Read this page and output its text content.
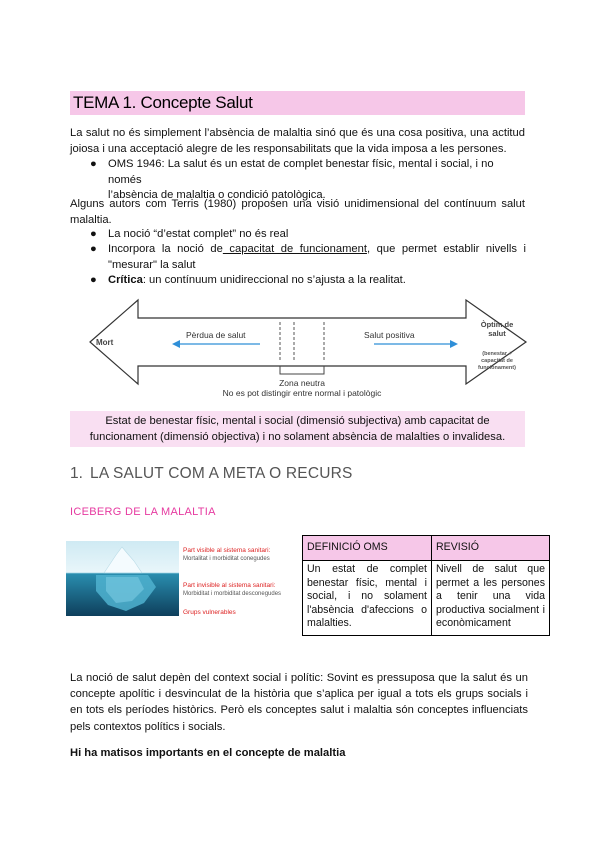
TEMA 1. Concepte Salut
La salut no és simplement l’absència de malaltia sinó que és una cosa positiva, una actitud joiosa i una acceptació alegre de les responsabilitats que la vida imposa a les persones.
● OMS 1946: La salut és un estat de complet benestar físic, mental i social, i no només
l’absència de malaltia o condició patològica.
Alguns autors com Terris (1980) proposen una visió unidimensional del contínuum salut
malaltia.
● La noció “d’estat complet” no és real
● Incorpora la noció de capacitat de funcionament, que permet establir nivells i
"mesurar" la salut
● Crítica: un contínuum unidireccional no s’ajusta a la realitat.
Mort
Pèrdua de salut	Salut positiva
Òptim de
salut
(benestar +
capacitat de
funcionament)
Zona neutra
No es pot distingir entre normal i patològic
Estat de benestar físic, mental i social (dimensió subjectiva) amb capacitat de funcionament (dimensió objectiva) i no solament absència de malalties o invalidesa.
1. LA SALUT COM A META O RECURS
ICEBERG DE LA MALALTIA
Part visible al sistema sanitari:
Mortalitat i morbiditat conegudes
Part invisible al sistema sanitari:
Morbiditat i morbiditat desconegudes
Grups vulnerables
DEFINICIÓ OMS	REVISIÓ
Un estat de complet benestar físic, mental i social, i no solament l'absència d'afeccions o malalties.	Nivell de salut que permet a les persones a tenir una vida productiva socialment i econòmicament
La noció de salut depèn del context social i polític: Sovint es pressuposa que la salut és un concepte apolític i desvinculat de la història que s’aplica per igual a tots els grups socials i en tots els períodes històrics. Però els conceptes salut i malaltia són conceptes influenciats pels contextos polítics i socials.
Hi ha matisos importants en el concepte de malaltia
